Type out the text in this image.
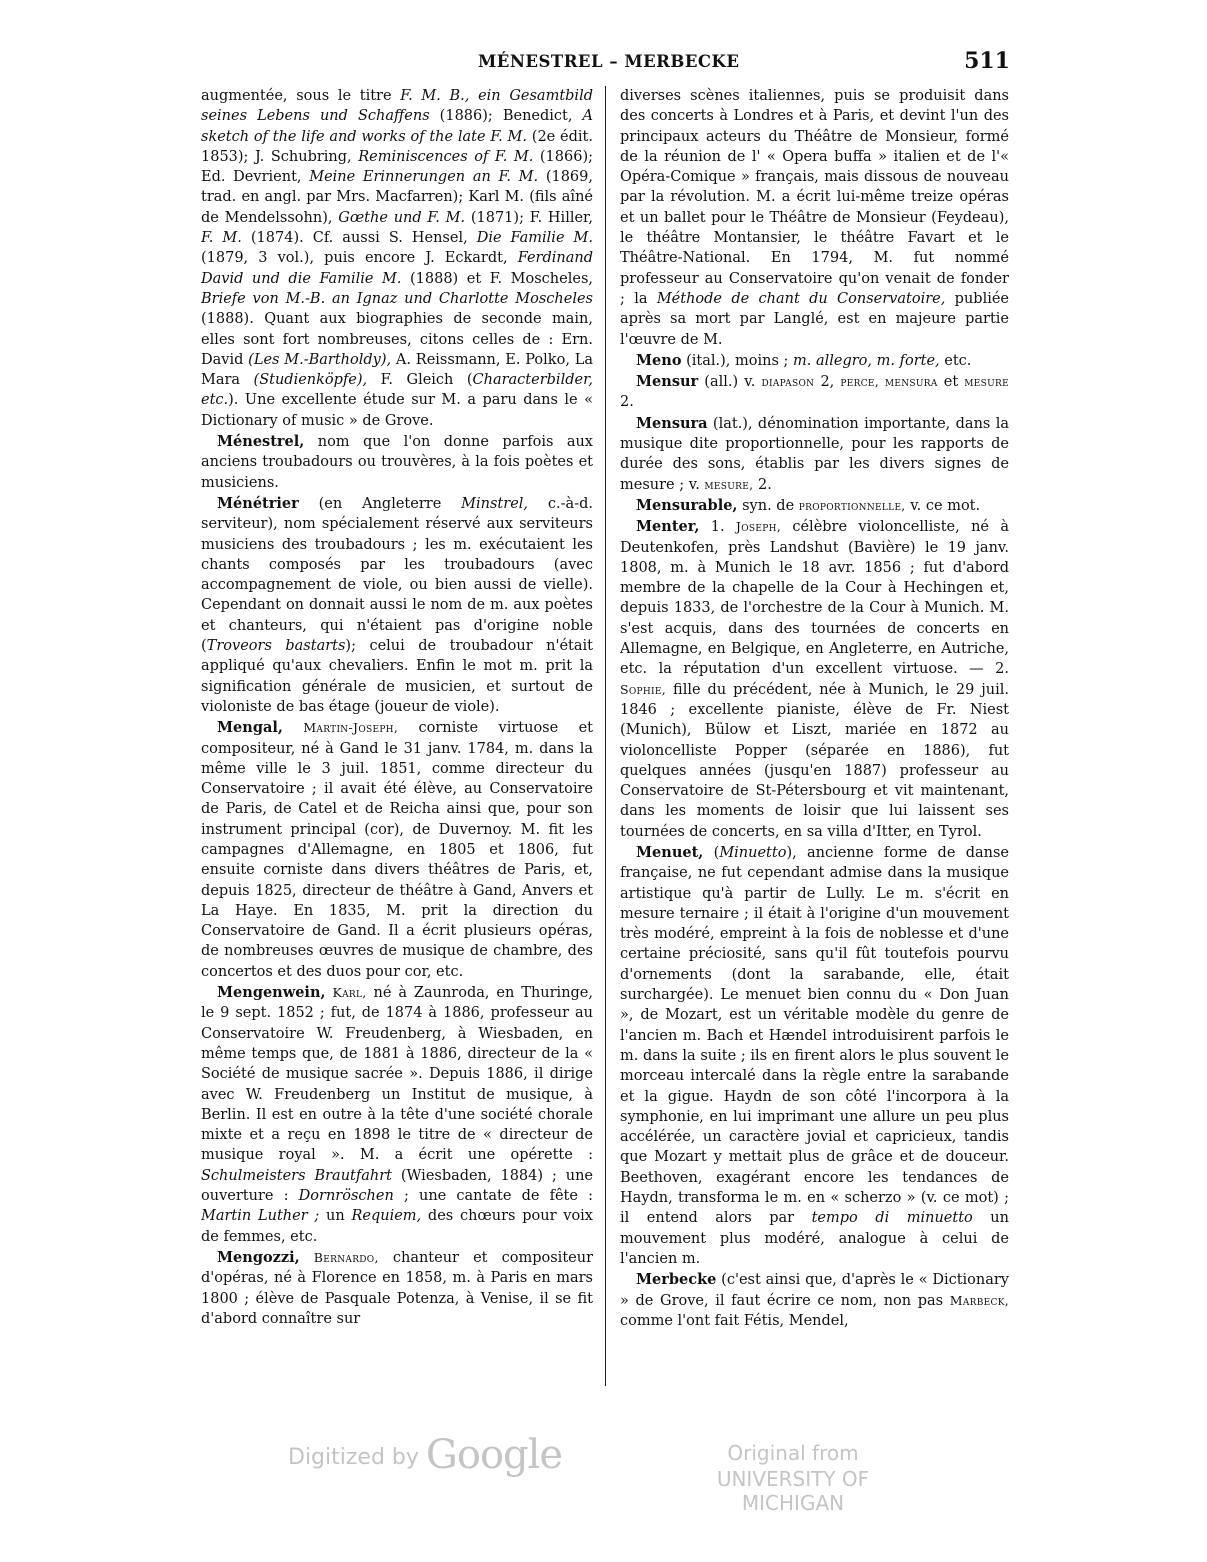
MÉNESTREL – MERBECKE	511

augmentée, sous le titre F. M. B., ein Gesamtbild seines Lebens und Schaffens (1886); Benedict, A sketch of the life and works of the late F. M. (2e édit. 1853); J. Schubring, Reminiscences of F. M. (1866); Ed. Devrient, Meine Erinnerungen an F. M. (1869, trad. en angl. par Mrs. Macfarren); Karl M. (fils aîné de Mendelssohn), Gœthe und F. M. (1871); F. Hiller, F. M. (1874). Cf. aussi S. Hensel, Die Familie M. (1879, 3 vol.), puis encore J. Eckardt, Ferdinand David und die Familie M. (1888) et F. Moscheles, Briefe von M.-B. an Ignaz und Charlotte Moscheles (1888). Quant aux biographies de seconde main, elles sont fort nombreuses, citons celles de : Ern. David (Les M.-Bartholdy), A. Reissmann, E. Polko, La Mara (Studienköpfe), F. Gleich (Characterbilder, etc.). Une excellente étude sur M. a paru dans le « Dictionary of music » de Grove.

Ménestrel, nom que l'on donne parfois aux anciens troubadours ou trouvères, à la fois poètes et musiciens.

Ménétrier (en Angleterre Minstrel, c.-à-d. serviteur), nom spécialement réservé aux serviteurs musiciens des troubadours ; les m. exécutaient les chants composés par les troubadours (avec accompagnement de viole, ou bien aussi de vielle). Cependant on donnait aussi le nom de m. aux poètes et chanteurs, qui n'étaient pas d'origine noble (Troveors bastarts); celui de troubadour n'était appliqué qu'aux chevaliers. Enfin le mot m. prit la signification générale de musicien, et surtout de violoniste de bas étage (joueur de viole).

Mengal, Martin-Joseph, corniste virtuose et compositeur, né à Gand le 31 janv. 1784, m. dans la même ville le 3 juil. 1851, comme directeur du Conservatoire ; il avait été élève, au Conservatoire de Paris, de Catel et de Reicha ainsi que, pour son instrument principal (cor), de Duvernoy. M. fit les campagnes d'Allemagne, en 1805 et 1806, fut ensuite corniste dans divers théâtres de Paris, et, depuis 1825, directeur de théâtre à Gand, Anvers et La Haye. En 1835, M. prit la direction du Conservatoire de Gand. Il a écrit plusieurs opéras, de nombreuses œuvres de musique de chambre, des concertos et des duos pour cor, etc.

Mengenwein, Karl, né à Zaunroda, en Thuringe, le 9 sept. 1852 ; fut, de 1874 à 1886, professeur au Conservatoire W. Freudenberg, à Wiesbaden, en même temps que, de 1881 à 1886, directeur de la « Société de musique sacrée ». Depuis 1886, il dirige avec W. Freudenberg un Institut de musique, à Berlin. Il est en outre à la tête d'une société chorale mixte et a reçu en 1898 le titre de « directeur de musique royal ». M. a écrit une opérette : Schulmeisters Brautfahrt (Wiesbaden, 1884) ; une ouverture : Dornröschen ; une cantate de fête : Martin Luther ; un Requiem, des chœurs pour voix de femmes, etc.

Mengozzi, Bernardo, chanteur et compositeur d'opéras, né à Florence en 1858, m. à Paris en mars 1800 ; élève de Pasquale Potenza, à Venise, il se fit d'abord connaître sur

diverses scènes italiennes, puis se produisit dans des concerts à Londres et à Paris, et devint l'un des principaux acteurs du Théâtre de Monsieur, formé de la réunion de l' « Opera buffa » italien et de l'« Opéra-Comique » français, mais dissous de nouveau par la révolution. M. a écrit lui-même treize opéras et un ballet pour le Théâtre de Monsieur (Feydeau), le théâtre Montansier, le théâtre Favart et le Théâtre-National. En 1794, M. fut nommé professeur au Conservatoire qu'on venait de fonder ; la Méthode de chant du Conservatoire, publiée après sa mort par Langlé, est en majeure partie l'œuvre de M.

Meno (ital.), moins ; m. allegro, m. forte, etc.

Mensur (all.) v. diapason 2, perce, mensura et mesure 2.

Mensura (lat.), dénomination importante, dans la musique dite proportionnelle, pour les rapports de durée des sons, établis par les divers signes de mesure ; v. mesure, 2.

Mensurable, syn. de proportionnelle, v. ce mot.

Menter, 1. Joseph, célèbre violoncelliste, né à Deutenkofen, près Landshut (Bavière) le 19 janv. 1808, m. à Munich le 18 avr. 1856 ; fut d'abord membre de la chapelle de la Cour à Hechingen et, depuis 1833, de l'orchestre de la Cour à Munich. M. s'est acquis, dans des tournées de concerts en Allemagne, en Belgique, en Angleterre, en Autriche, etc. la réputation d'un excellent virtuose. — 2. Sophie, fille du précédent, née à Munich, le 29 juil. 1846 ; excellente pianiste, élève de Fr. Niest (Munich), Bülow et Liszt, mariée en 1872 au violoncelliste Popper (séparée en 1886), fut quelques années (jusqu'en 1887) professeur au Conservatoire de St-Pétersbourg et vit maintenant, dans les moments de loisir que lui laissent ses tournées de concerts, en sa villa d'Itter, en Tyrol.

Menuet, (Minuetto), ancienne forme de danse française, ne fut cependant admise dans la musique artistique qu'à partir de Lully. Le m. s'écrit en mesure ternaire ; il était à l'origine d'un mouvement très modéré, empreint à la fois de noblesse et d'une certaine préciosité, sans qu'il fût toutefois pourvu d'ornements (dont la sarabande, elle, était surchargée). Le menuet bien connu du « Don Juan », de Mozart, est un véritable modèle du genre de l'ancien m. Bach et Hændel introduisirent parfois le m. dans la suite ; ils en firent alors le plus souvent le morceau intercalé dans la règle entre la sarabande et la gigue. Haydn de son côté l'incorpora à la symphonie, en lui imprimant une allure un peu plus accélérée, un caractère jovial et capricieux, tandis que Mozart y mettait plus de grâce et de douceur. Beethoven, exagérant encore les tendances de Haydn, transforma le m. en « scherzo » (v. ce mot) ; il entend alors par tempo di minuetto un mouvement plus modéré, analogue à celui de l'ancien m.

Merbecke (c'est ainsi que, d'après le « Dictionary » de Grove, il faut écrire ce nom, non pas Marbeck, comme l'ont fait Fétis, Mendel,

Digitized by Google	Original from
UNIVERSITY OF MICHIGAN
